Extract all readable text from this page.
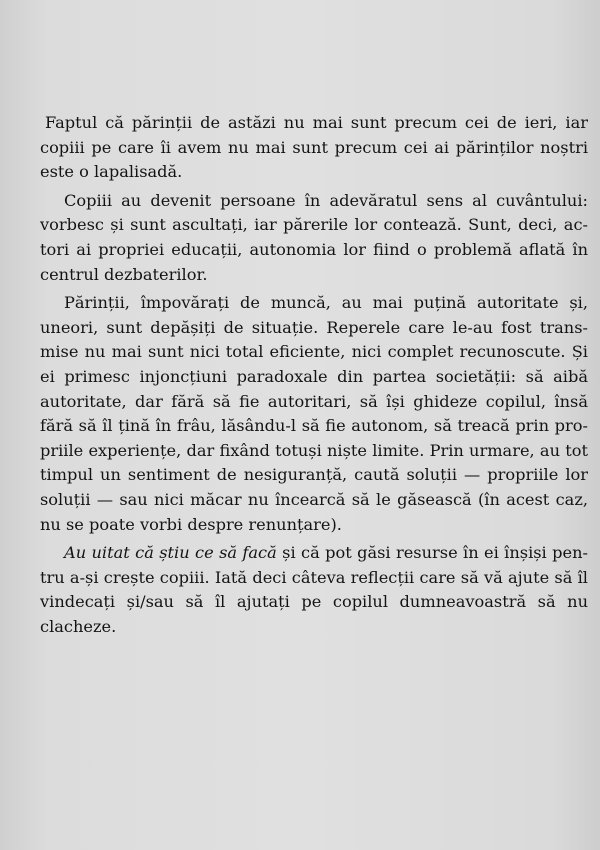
Faptul că părinții de astăzi nu mai sunt precum cei de ieri, iar copiii pe care îi avem nu mai sunt precum cei ai părinților noștri este o lapalisadă.

Copiii au devenit persoane în adevăratul sens al cuvântului: vorbesc și sunt ascultați, iar părerile lor contează. Sunt, deci, actori ai propriei educații, autonomia lor fiind o problemă aflată în centrul dezbaterilor.

Părinții, împovărați de muncă, au mai puțină autoritate și, uneori, sunt depășiți de situație. Reperele care le-au fost transmise nu mai sunt nici total eficiente, nici complet recunoscute. Și ei primesc injoncțiuni paradoxale din partea societății: să aibă autoritate, dar fără să fie autoritari, să își ghideze copilul, însă fără să îl țină în frâu, lăsându-l să fie autonom, să treacă prin propriile experiențe, dar fixând totuși niște limite. Prin urmare, au tot timpul un sentiment de nesiguranță, caută soluții — propriile lor soluții — sau nici măcar nu încearcă să le găsească (în acest caz, nu se poate vorbi despre renunțare).

Au uitat că știu ce să facă și că pot găsi resurse în ei înșiși pentru a-și crește copiii. Iată deci câteva reflecții care să vă ajute să îl vindecați și/sau să îl ajutați pe copilul dumneavoastră să nu clacheze.
